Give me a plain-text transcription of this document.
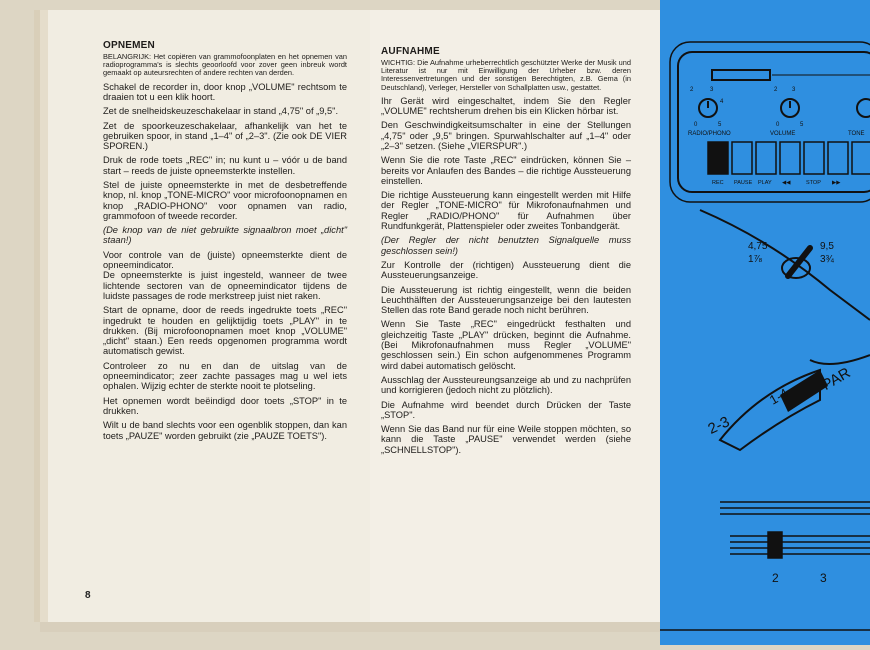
OPNEMEN
BELANGRIJK: Het copiëren van grammofoonplaten en het opnemen van radioprogramma's is slechts geoorloofd voor zover geen inbreuk wordt gemaakt op auteursrechten of andere rechten van derden.
Schakel de recorder in, door knop „VOLUME" rechtsom te draaien tot u een klik hoort.
Zet de snelheidskeuzeschakelaar in stand „4,75" of „9,5".
Zet de spoorkeuzeschakelaar, afhankelijk van het te gebruiken spoor, in stand „1–4" of „2–3". (Zie ook DE VIER SPOREN.)
Druk de rode toets „REC" in; nu kunt u – vóór u de band start – reeds de juiste opneemsterkte instellen.
Stel de juiste opneemsterkte in met de desbetreffende knop, nl. knop „TONE-MICRO" voor microfoonopnamen en knop „RADIO-PHONO" voor opnamen van radio, grammofoon of tweede recorder.
(De knop van de niet gebruikte signaalbron moet „dicht" staan!)
Voor controle van de (juiste) opneemsterkte dient de opneemindicator.
De opneemsterkte is juist ingesteld, wanneer de twee lichtende sectoren van de opneemindicator tijdens de luidste passages de rode merkstreep juist niet raken.
Start de opname, door de reeds ingedrukte toets „REC" ingedrukt te houden en gelijktijdig toets „PLAY" in te drukken. (Bij microfoonopnamen moet knop „VOLUME" „dicht" staan.) Een reeds opgenomen programma wordt automatisch gewist.
Controleer zo nu en dan de uitslag van de opneemindicator; zeer zachte passages mag u wel iets ophalen. Wijzig echter de sterkte nooit te plotseling.
Het opnemen wordt beëindigd door toets „STOP" in te drukken.
Wilt u de band slechts voor een ogenblik stoppen, dan kan toets „PAUZE" worden gebruikt (zie „PAUZE TOETS").
AUFNAHME
WICHTIG: Die Aufnahme urheberrechtlich geschützter Werke der Musik und Literatur ist nur mit Einwilligung der Urheber bzw. deren Interessenvertretungen und der sonstigen Berechtigten, z.B. Gema (in Deutschland), Verleger, Hersteller von Schallplatten usw., gestattet.
Ihr Gerät wird eingeschaltet, indem Sie den Regler „VOLUME" rechtsherum drehen bis ein Klicken hörbar ist.
Den Geschwindigkeitsumschalter in eine der Stellungen „4,75" oder „9,5" bringen. Spurwahlschalter auf „1–4" oder „2–3" setzen. (Siehe „VIERSPUR".)
Wenn Sie die rote Taste „REC" eindrücken, können Sie – bereits vor Anlaufen des Bandes – die richtige Aussteuerung einstellen.
Die richtige Aussteuerung kann eingestellt werden mit Hilfe der Regler „TONE-MICRO" für Mikrofonaufnahmen und Regler „RADIO/PHONO" für Aufnahmen über Rundfunkgerät, Plattenspieler oder zweites Tonbandgerät.
(Der Regler der nicht benutzten Signalquelle muss geschlossen sein!)
Zur Kontrolle der (richtigen) Aussteuerung dient die Aussteuerungsanzeige.
Die Aussteuerung ist richtig eingestellt, wenn die beiden Leuchthälften der Aussteuerungsanzeige bei den lautesten Stellen das rote Band gerade noch nicht berühren.
Wenn Sie Taste „REC" eingedrückt festhalten und gleichzeitig Taste „PLAY" drücken, beginnt die Aufnahme. (Bei Mikrofonaufnahmen muss Regler „VOLUME" geschlossen sein.) Ein schon aufgenommenes Programm wird dabei automatisch gelöscht.
Ausschlag der Aussteureungsanzeige ab und zu nachprüfen und korrigieren (jedoch nicht zu plötzlich).
Die Aufnahme wird beendet durch Drücken der Taste „STOP".
Wenn Sie das Band nur für eine Weile stoppen möchten, so kann die Taste „PAUSE" verwendet werden (siehe „SCHNELLSTOP").
8
2	3
4
0	5
2 3
0	5
RADIO/PHONO	VOLUME	TONE
REC PAUSE PLAY ◀◀	STOP ▶▶
4,75
1⅞
9,5
3¾
2-3
1-4
PAR
2	3
